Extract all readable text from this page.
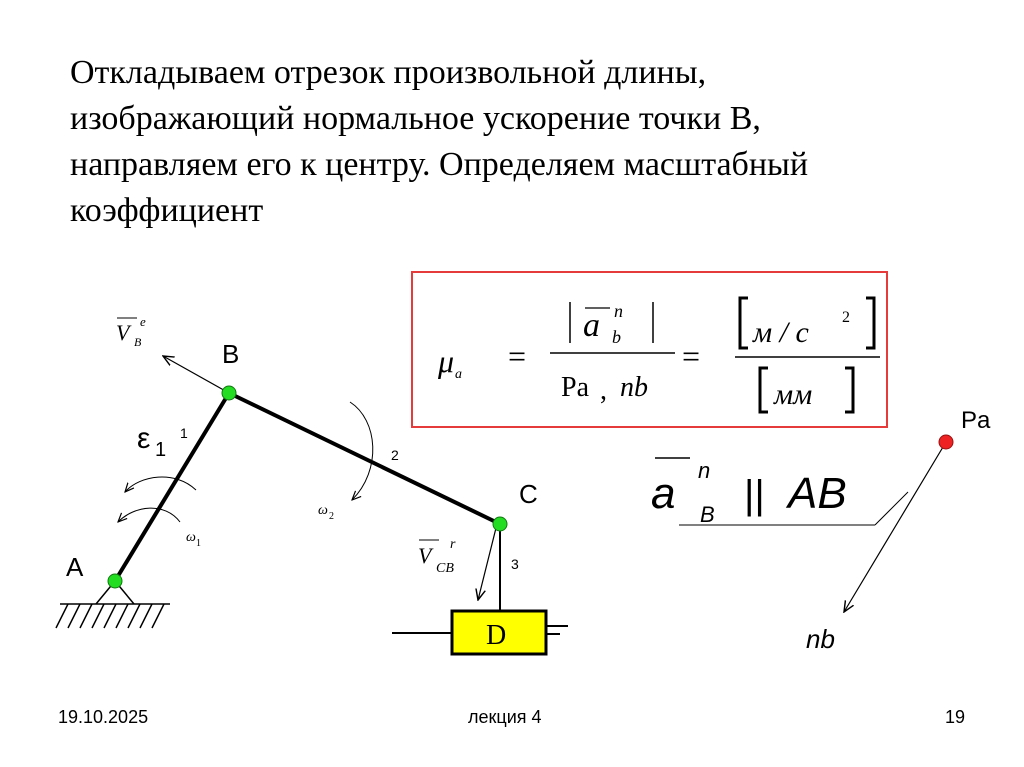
Откладываем отрезок произвольной длины,
изображающий нормальное ускорение точки B,
направляем его к центру. Определяем масштабный
коэффициент
D
A
B
C
1
2
3
ε 1
ω 1
ω 2
V e
B
V r
CB
μ a
=
a n
b
Pa , nb
=
м / с 2
мм
a n
B || AB
Pa
nb
19.10.2025	лекция 4	19
